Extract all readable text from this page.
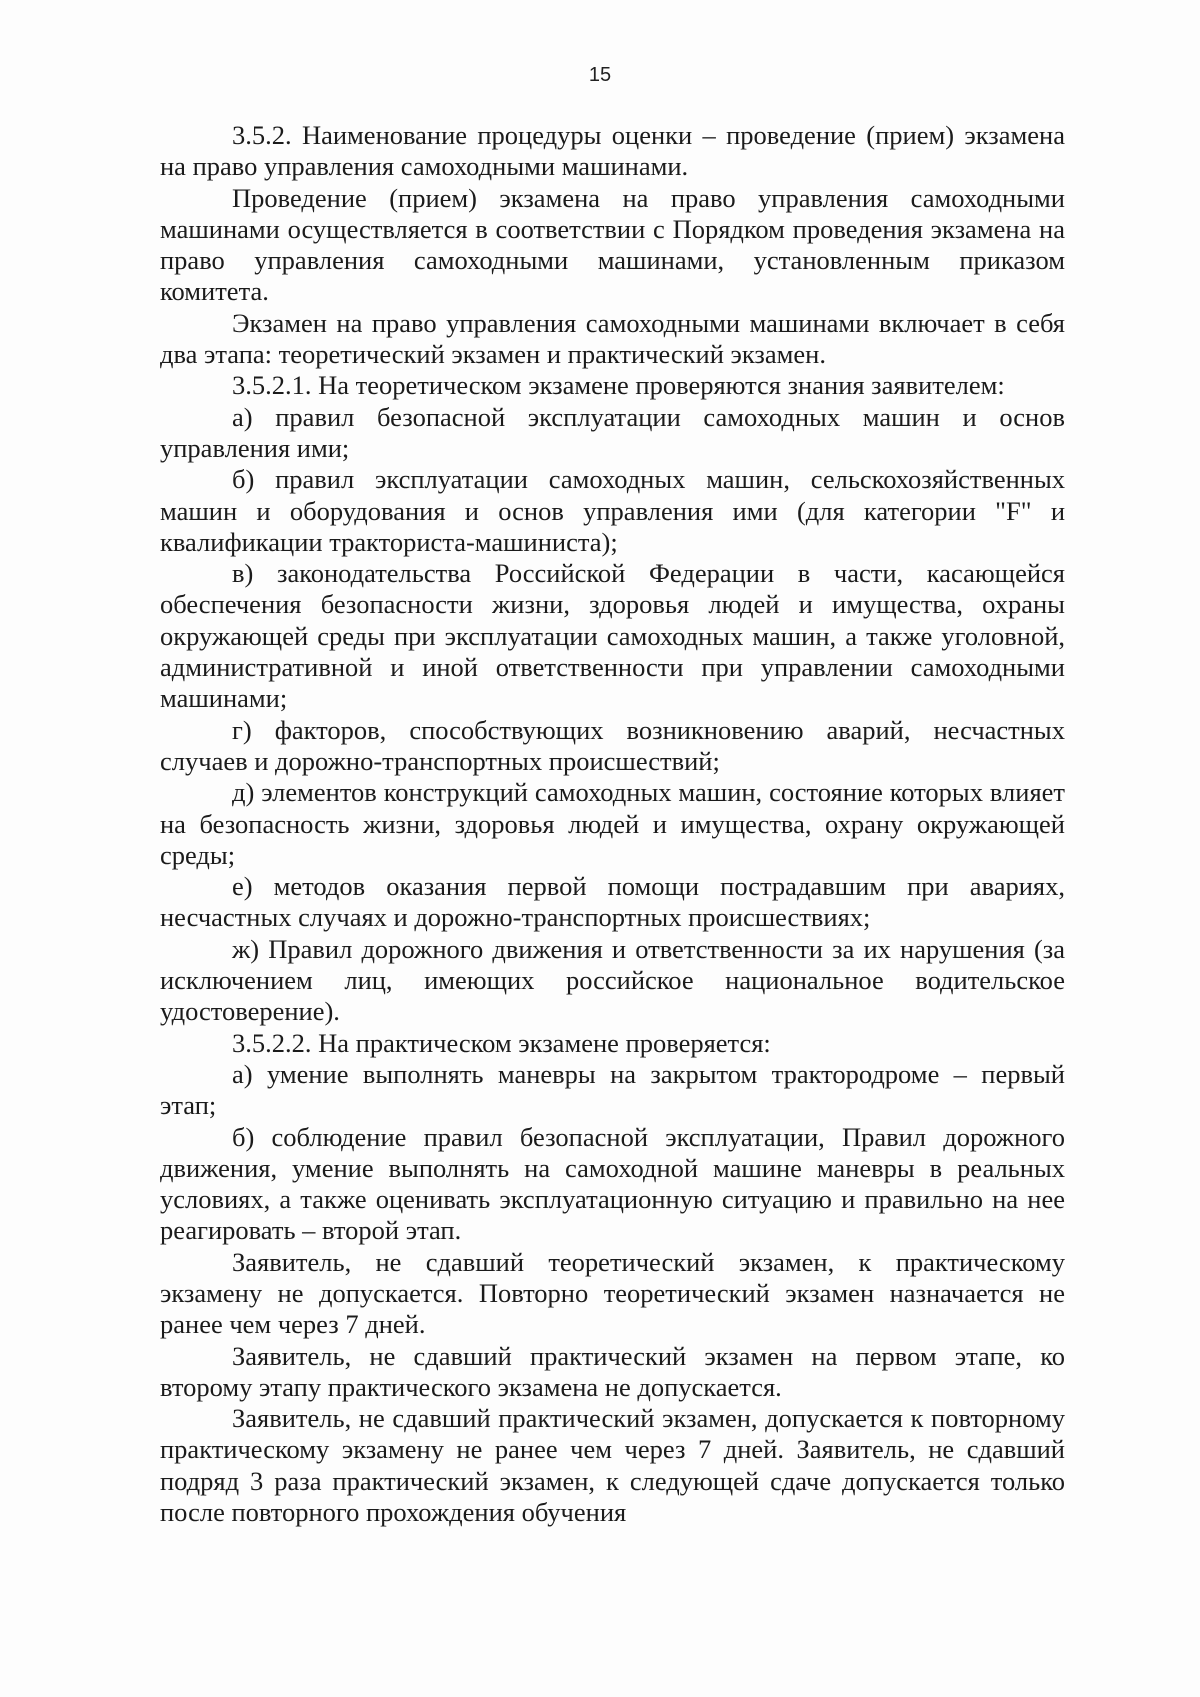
15

3.5.2. Наименование процедуры оценки – проведение (прием) экзамена на право управления самоходными машинами.

Проведение (прием) экзамена на право управления самоходными машинами осуществляется в соответствии с Порядком проведения экзамена на право управления самоходными машинами, установленным приказом комитета.

Экзамен на право управления самоходными машинами включает в себя два этапа: теоретический экзамен и практический экзамен.

3.5.2.1. На теоретическом экзамене проверяются знания заявителем:

а) правил безопасной эксплуатации самоходных машин и основ управления ими;

б) правил эксплуатации самоходных машин, сельскохозяйственных машин и оборудования и основ управления ими (для категории "F" и квалификации тракториста-машиниста);

в) законодательства Российской Федерации в части, касающейся обеспечения безопасности жизни, здоровья людей и имущества, охраны окружающей среды при эксплуатации самоходных машин, а также уголовной, административной и иной ответственности при управлении самоходными машинами;

г) факторов, способствующих возникновению аварий, несчастных случаев и дорожно-транспортных происшествий;

д) элементов конструкций самоходных машин, состояние которых влияет на безопасность жизни, здоровья людей и имущества, охрану окружающей среды;

е) методов оказания первой помощи пострадавшим при авариях, несчастных случаях и дорожно-транспортных происшествиях;

ж) Правил дорожного движения и ответственности за их нарушения (за исключением лиц, имеющих российское национальное водительское удостоверение).

3.5.2.2. На практическом экзамене проверяется:

а) умение выполнять маневры на закрытом трактородроме – первый этап;

б) соблюдение правил безопасной эксплуатации, Правил дорожного движения, умение выполнять на самоходной машине маневры в реальных условиях, а также оценивать эксплуатационную ситуацию и правильно на нее реагировать – второй этап.

Заявитель, не сдавший теоретический экзамен, к практическому экзамену не допускается. Повторно теоретический экзамен назначается не ранее чем через 7 дней.

Заявитель, не сдавший практический экзамен на первом этапе, ко второму этапу практического экзамена не допускается.

Заявитель, не сдавший практический экзамен, допускается к повторному практическому экзамену не ранее чем через 7 дней. Заявитель, не сдавший подряд 3 раза практический экзамен, к следующей сдаче допускается только после повторного прохождения обучения
